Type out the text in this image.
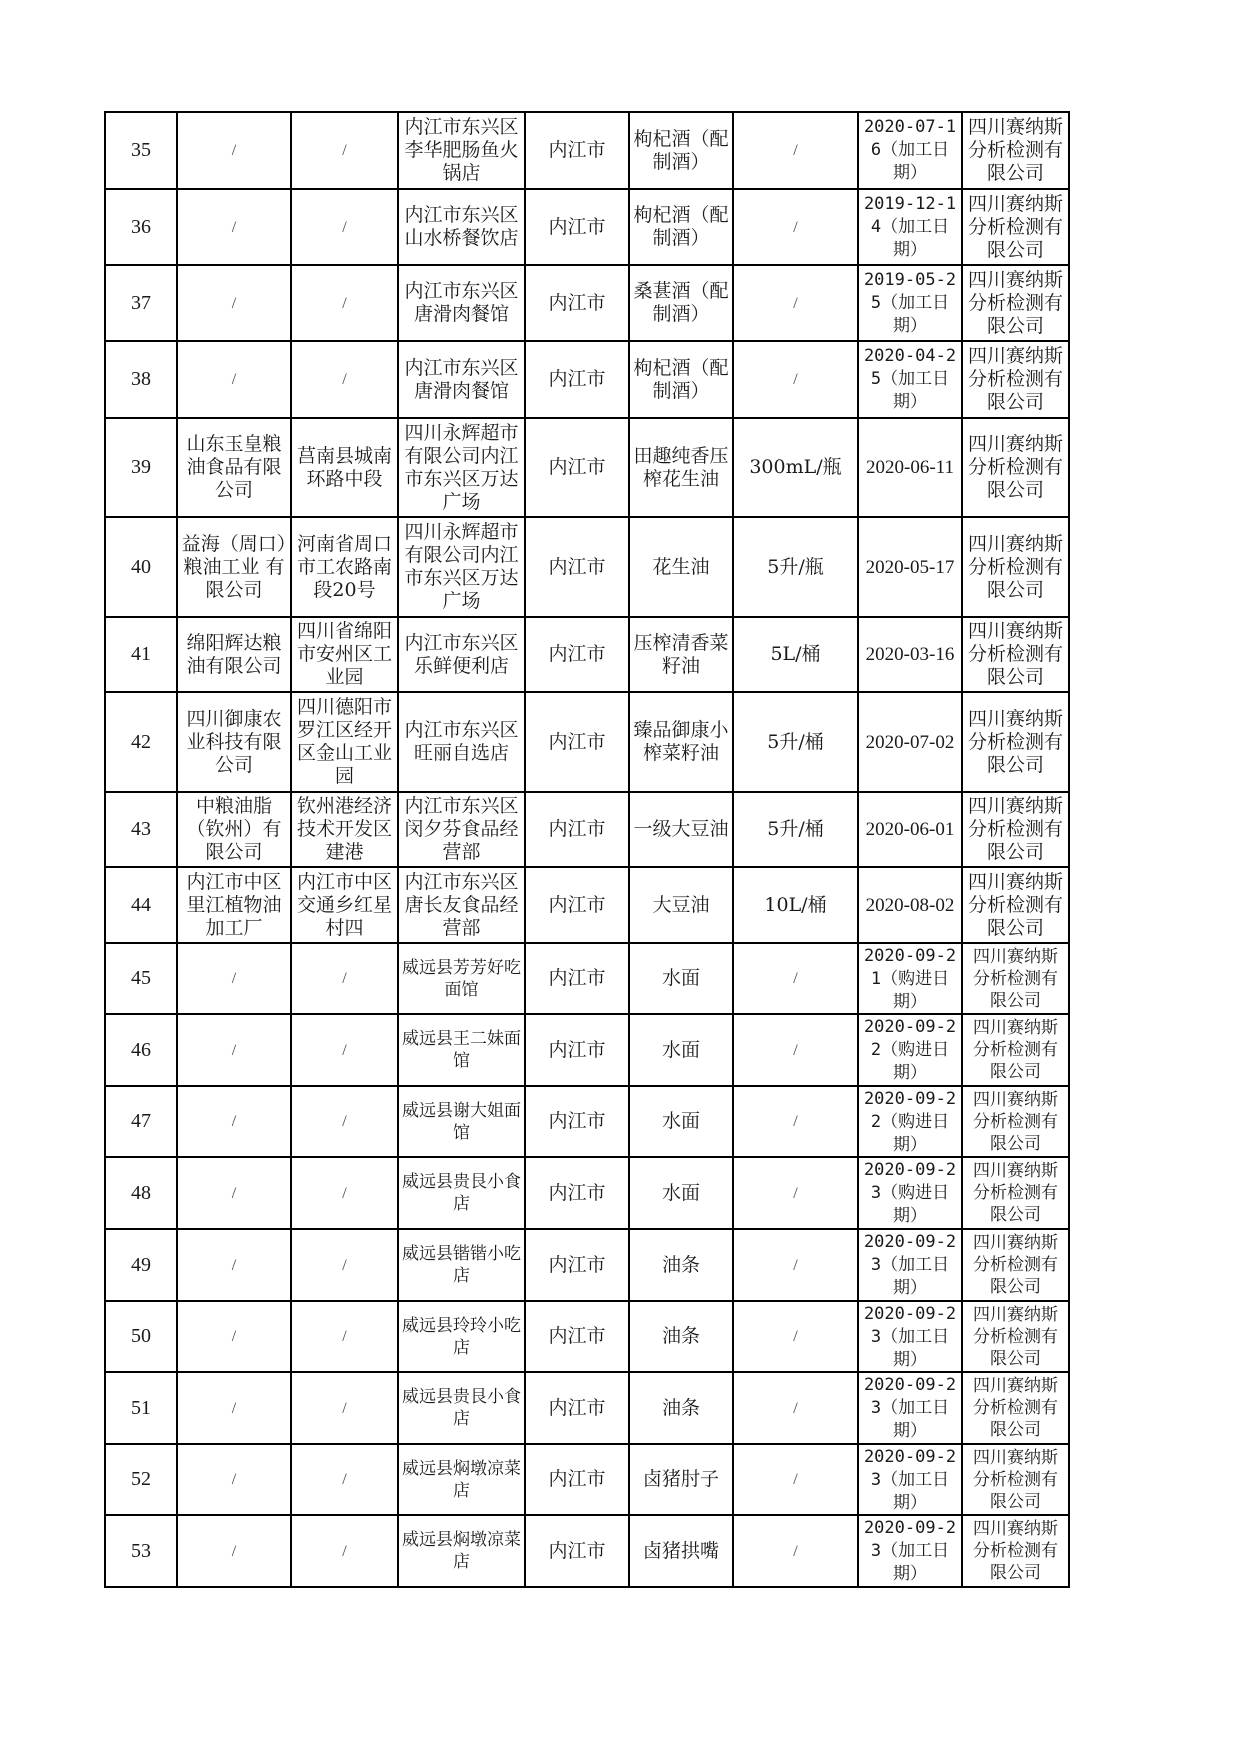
35	/	/	内江市东兴区李华肥肠鱼火锅店	内江市	枸杞酒（配制酒）	/	2020-07-16（加工日期）	四川赛纳斯分析检测有限公司

36	/	/	内江市东兴区山水桥餐饮店	内江市	枸杞酒（配制酒）	/	2019-12-14（加工日期）	四川赛纳斯分析检测有限公司

37	/	/	内江市东兴区唐滑肉餐馆	内江市	桑葚酒（配制酒）	/	2019-05-25（加工日期）	四川赛纳斯分析检测有限公司

38	/	/	内江市东兴区唐滑肉餐馆	内江市	枸杞酒（配制酒）	/	2020-04-25（加工日期）	四川赛纳斯分析检测有限公司

39	山东玉皇粮油食品有限公司	莒南县城南环路中段	四川永辉超市有限公司内江市东兴区万达广场	内江市	田趣纯香压榨花生油	300mL/瓶	2020-06-11	四川赛纳斯分析检测有限公司

40	益海（周口）粮油工业 有限公司	河南省周口市工农路南段20号	四川永辉超市有限公司内江市东兴区万达广场	内江市	花生油	5升/瓶	2020-05-17	四川赛纳斯分析检测有限公司

41	绵阳辉达粮油有限公司	四川省绵阳市安州区工业园	内江市东兴区乐鲜便利店	内江市	压榨清香菜籽油	5L/桶	2020-03-16	四川赛纳斯分析检测有限公司

42	四川御康农业科技有限公司	四川德阳市罗江区经开区金山工业园	内江市东兴区旺丽自选店	内江市	臻品御康小榨菜籽油	5升/桶	2020-07-02	四川赛纳斯分析检测有限公司

43	中粮油脂（钦州）有限公司	钦州港经济技术开发区建港	内江市东兴区闵夕芬食品经营部	内江市	一级大豆油	5升/桶	2020-06-01	四川赛纳斯分析检测有限公司

44	内江市中区里江植物油加工厂	内江市中区交通乡红星村四	内江市东兴区唐长友食品经营部	内江市	大豆油	10L/桶	2020-08-02	四川赛纳斯分析检测有限公司

45	/	/	威远县芳芳好吃面馆	内江市	水面	/	2020-09-21（购进日期）	四川赛纳斯分析检测有限公司

46	/	/	威远县王二妹面馆	内江市	水面	/	2020-09-22（购进日期）	四川赛纳斯分析检测有限公司

47	/	/	威远县谢大姐面馆	内江市	水面	/	2020-09-22（购进日期）	四川赛纳斯分析检测有限公司

48	/	/	威远县贵艮小食店	内江市	水面	/	2020-09-23（购进日期）	四川赛纳斯分析检测有限公司

49	/	/	威远县锴锴小吃店	内江市	油条	/	2020-09-23（加工日期）	四川赛纳斯分析检测有限公司

50	/	/	威远县玲玲小吃店	内江市	油条	/	2020-09-23（加工日期）	四川赛纳斯分析检测有限公司

51	/	/	威远县贵艮小食店	内江市	油条	/	2020-09-23（加工日期）	四川赛纳斯分析检测有限公司

52	/	/	威远县焖墩凉菜店	内江市	卤猪肘子	/	2020-09-23（加工日期）	四川赛纳斯分析检测有限公司

53	/	/	威远县焖墩凉菜店	内江市	卤猪拱嘴	/	2020-09-23（加工日期）	四川赛纳斯分析检测有限公司
